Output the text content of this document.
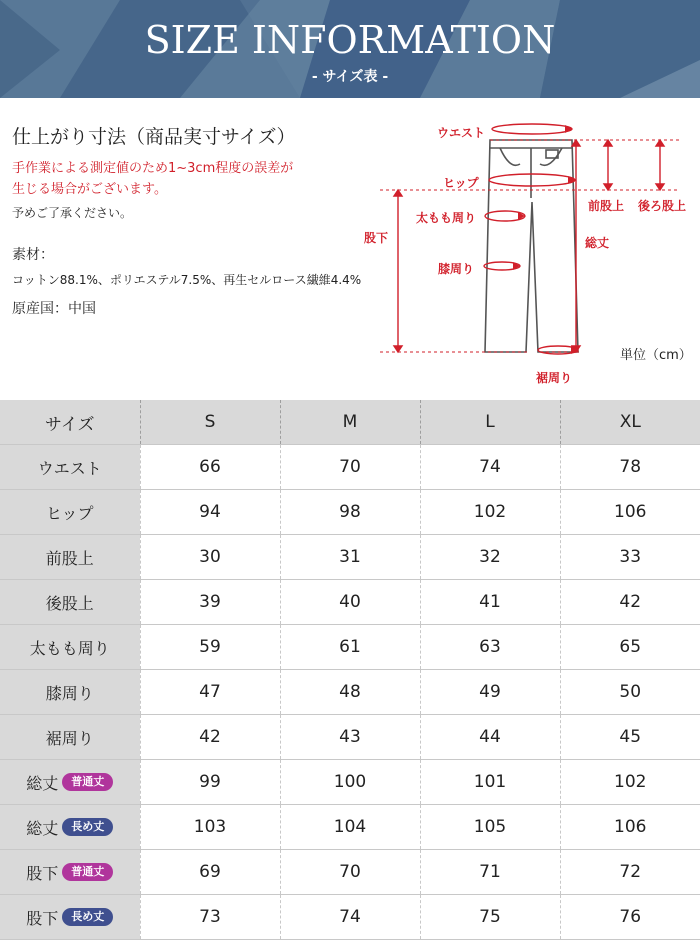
SIZE INFORMATION
- サイズ表 -
仕上がり寸法（商品実寸サイズ）
手作業による測定値のため1~3cm程度の誤差が
生じる場合がございます。
予めご了承ください。
素材：
コットン88.1%、ポリエステル7.5%、再生セルロース繊維4.4%
原産国：中国
ウエスト
ヒップ
太もも周り
膝周り
股下	総丈
前股上 後ろ股上
裾周り
単位（cm）
サイズ	S	M	L	XL

ウエスト	66	70	74	78

ヒップ	94	98	102	106

前股上	30	31	32	33

後股上	39	40	41	42

太もも周り	59	61	63	65

膝周り	47	48	49	50

裾周り	42	43	44	45

総丈 普通丈	99	100	101	102

総丈 長め丈	103	104	105	106

股下 普通丈	69	70	71	72

股下 長め丈	73	74	75	76
